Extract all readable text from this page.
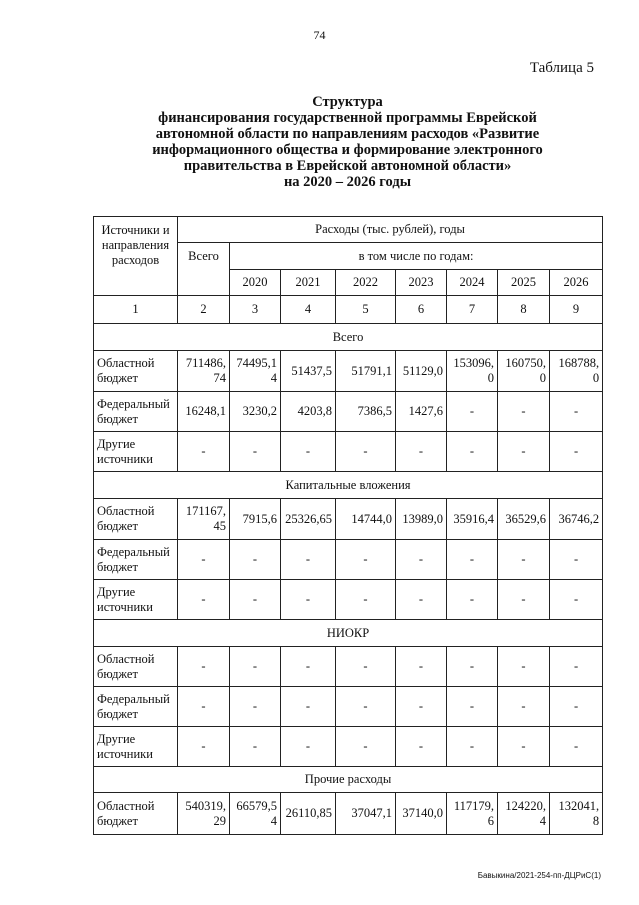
74
Таблица 5
Структура
финансирования государственной программы Еврейской
автономной области по направлениям расходов «Развитие
информационного общества и формирование электронного
правительства в Еврейской автономной области»
на 2020 – 2026 годы
Источники и направления расходов	Расходы (тыс. рублей), годы							
	Всего	в том числе по годам:						
		2020	2021	2022	2023	2024	2025	2026
1	2	3	4	5	6	7	8	9
Всего								
Областной бюджет	711486,74	74495,14	51437,5	51791,1	51129,0	153096,0	160750,0	168788,0
Федеральный бюджет	16248,1	3230,2	4203,8	7386,5	1427,6	-	-	-
Другие источники	-	-	-	-	-	-	-	-
Капитальные вложения								
Областной бюджет	171167,45	7915,6	25326,65	14744,0	13989,0	35916,4	36529,6	36746,2
Федеральный бюджет	-	-	-	-	-	-	-	-
Другие источники	-	-	-	-	-	-	-	-
НИОКР								
Областной бюджет	-	-	-	-	-	-	-	-
Федеральный бюджет	-	-	-	-	-	-	-	-
Другие источники	-	-	-	-	-	-	-	-
Прочие расходы								
Областной бюджет	540319,29	66579,54	26110,85	37047,1	37140,0	117179,6	124220,4	132041,8
Бавыкина/2021-254-пп-ДЦРиС(1)
